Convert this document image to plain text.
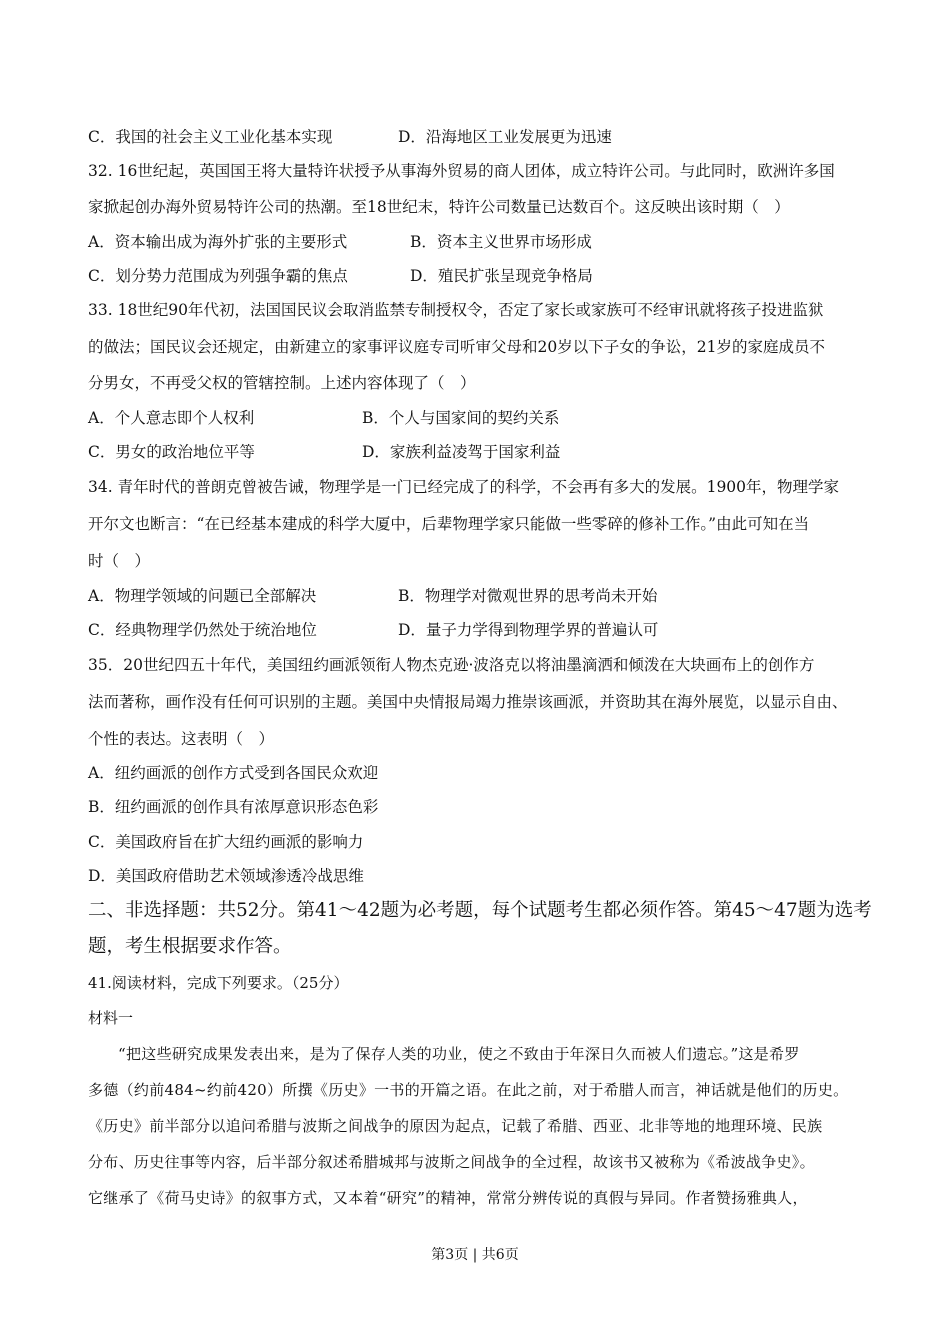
C．我国的社会主义工业化基本实现	D．沿海地区工业发展更为迅速
32. 16世纪起，英国国王将大量特许状授予从事海外贸易的商人团体，成立特许公司。与此同时，欧洲许多国
家掀起创办海外贸易特许公司的热潮。至18世纪末，特许公司数量已达数百个。这反映出该时期（　）
A．资本输出成为海外扩张的主要形式	B．资本主义世界市场形成
C．划分势力范围成为列强争霸的焦点	D．殖民扩张呈现竞争格局
33. 18世纪90年代初，法国国民议会取消监禁专制授权令，否定了家长或家族可不经审讯就将孩子投进监狱
的做法；国民议会还规定，由新建立的家事评议庭专司听审父母和20岁以下子女的争讼，21岁的家庭成员不
分男女，不再受父权的管辖控制。上述内容体现了（　）
A．个人意志即个人权利	B．个人与国家间的契约关系
C．男女的政治地位平等	D．家族利益凌驾于国家利益
34. 青年时代的普朗克曾被告诫，物理学是一门已经完成了的科学，不会再有多大的发展。1900年，物理学家
开尔文也断言：“在已经基本建成的科学大厦中，后辈物理学家只能做一些零碎的修补工作。”由此可知在当
时（　）
A．物理学领域的问题已全部解决	B．物理学对微观世界的思考尚未开始
C．经典物理学仍然处于统治地位	D．量子力学得到物理学界的普遍认可
35．20世纪四五十年代，美国纽约画派领衔人物杰克逊·波洛克以将油墨滴洒和倾泼在大块画布上的创作方
法而著称，画作没有任何可识别的主题。美国中央情报局竭力推崇该画派，并资助其在海外展览，以显示自由、
个性的表达。这表明（　）
A．纽约画派的创作方式受到各国民众欢迎
B．纽约画派的创作具有浓厚意识形态色彩
C．美国政府旨在扩大纽约画派的影响力
D．美国政府借助艺术领域渗透冷战思维
二、非选择题：共52分。第41～42题为必考题，每个试题考生都必须作答。第45～47题为选考
题，考生根据要求作答。
41.阅读材料，完成下列要求。（25分）
材料一
“把这些研究成果发表出来，是为了保存人类的功业，使之不致由于年深日久而被人们遗忘。”这是希罗
多德（约前484~约前420）所撰《历史》一书的开篇之语。在此之前，对于希腊人而言，神话就是他们的历史。
《历史》前半部分以追问希腊与波斯之间战争的原因为起点，记载了希腊、西亚、北非等地的地理环境、民族
分布、历史往事等内容，后半部分叙述希腊城邦与波斯之间战争的全过程，故该书又被称为《希波战争史》。
它继承了《荷马史诗》的叙事方式，又本着“研究”的精神，常常分辨传说的真假与异同。作者赞扬雅典人，
第3页 | 共6页
